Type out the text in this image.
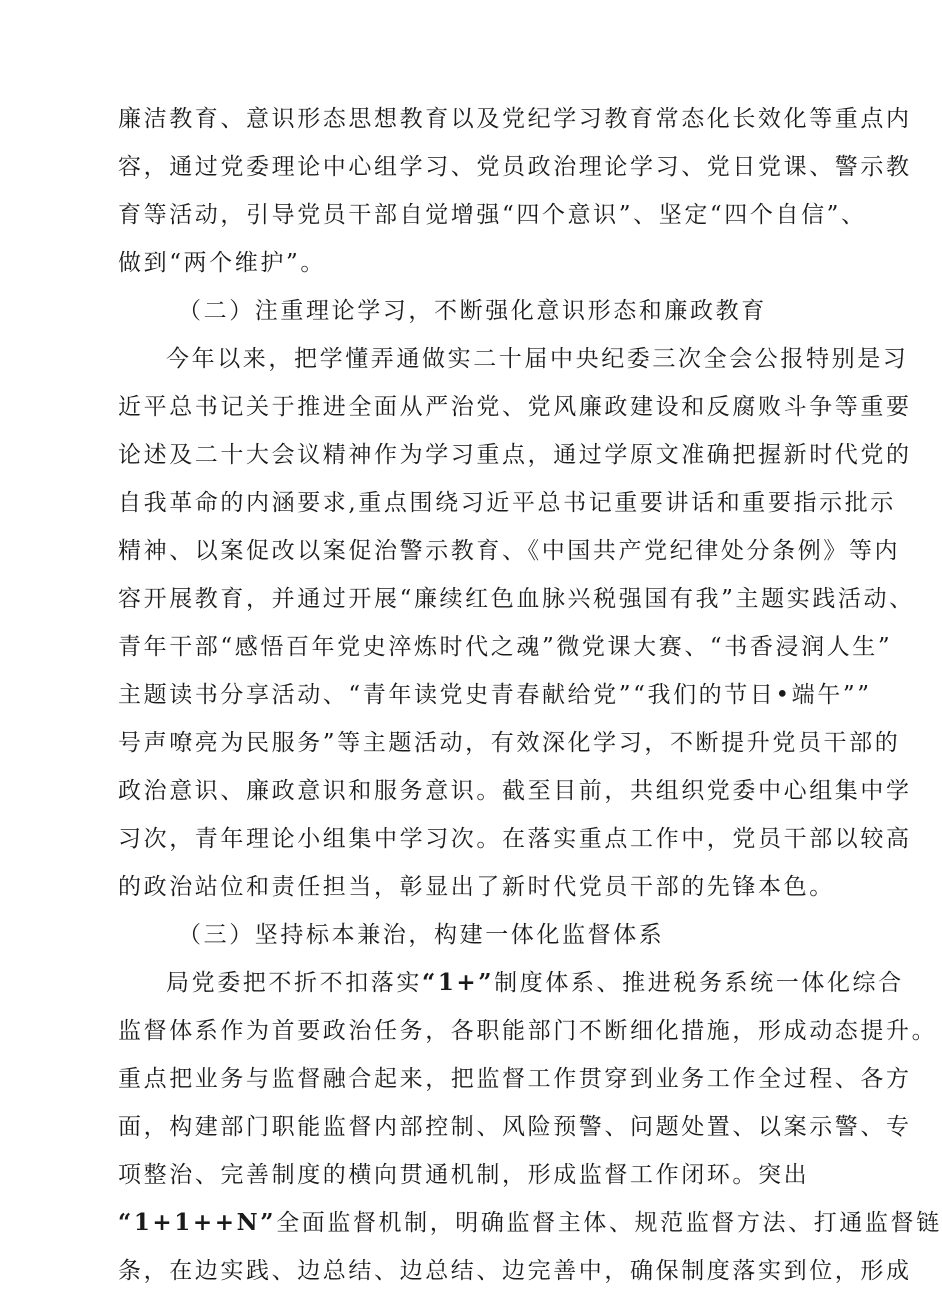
廉洁教育、意识形态思想教育以及党纪学习教育常态化长效化等重点内
容，通过党委理论中心组学习、党员政治理论学习、党日党课、警示教
育等活动，引导党员干部自觉增强“四个意识”、坚定“四个自信”、
做到“两个维护”。
（二）注重理论学习，不断强化意识形态和廉政教育
今年以来，把学懂弄通做实二十届中央纪委三次全会公报特别是习
近平总书记关于推进全面从严治党、党风廉政建设和反腐败斗争等重要
论述及二十大会议精神作为学习重点，通过学原文准确把握新时代党的
自我革命的内涵要求,重点围绕习近平总书记重要讲话和重要指示批示
精神、以案促改以案促治警示教育、《中国共产党纪律处分条例》等内
容开展教育，并通过开展“廉续红色血脉兴税强国有我”主题实践活动、
青年干部“感悟百年党史淬炼时代之魂”微党课大赛、“书香浸润人生”
主题读书分享活动、“青年读党史青春献给党”“我们的节日•端午””
号声嘹亮为民服务”等主题活动，有效深化学习，不断提升党员干部的
政治意识、廉政意识和服务意识。截至目前，共组织党委中心组集中学
习次，青年理论小组集中学习次。在落实重点工作中，党员干部以较高
的政治站位和责任担当，彰显出了新时代党员干部的先锋本色。
（三）坚持标本兼治，构建一体化监督体系
局党委把不折不扣落实“1+”制度体系、推进税务系统一体化综合
监督体系作为首要政治任务，各职能部门不断细化措施，形成动态提升。
重点把业务与监督融合起来，把监督工作贯穿到业务工作全过程、各方
面，构建部门职能监督内部控制、风险预警、问题处置、以案示警、专
项整治、完善制度的横向贯通机制，形成监督工作闭环。突出
“1+1++N”全面监督机制，明确监督主体、规范监督方法、打通监督链
条，在边实践、边总结、边总结、边完善中，确保制度落实到位，形成
